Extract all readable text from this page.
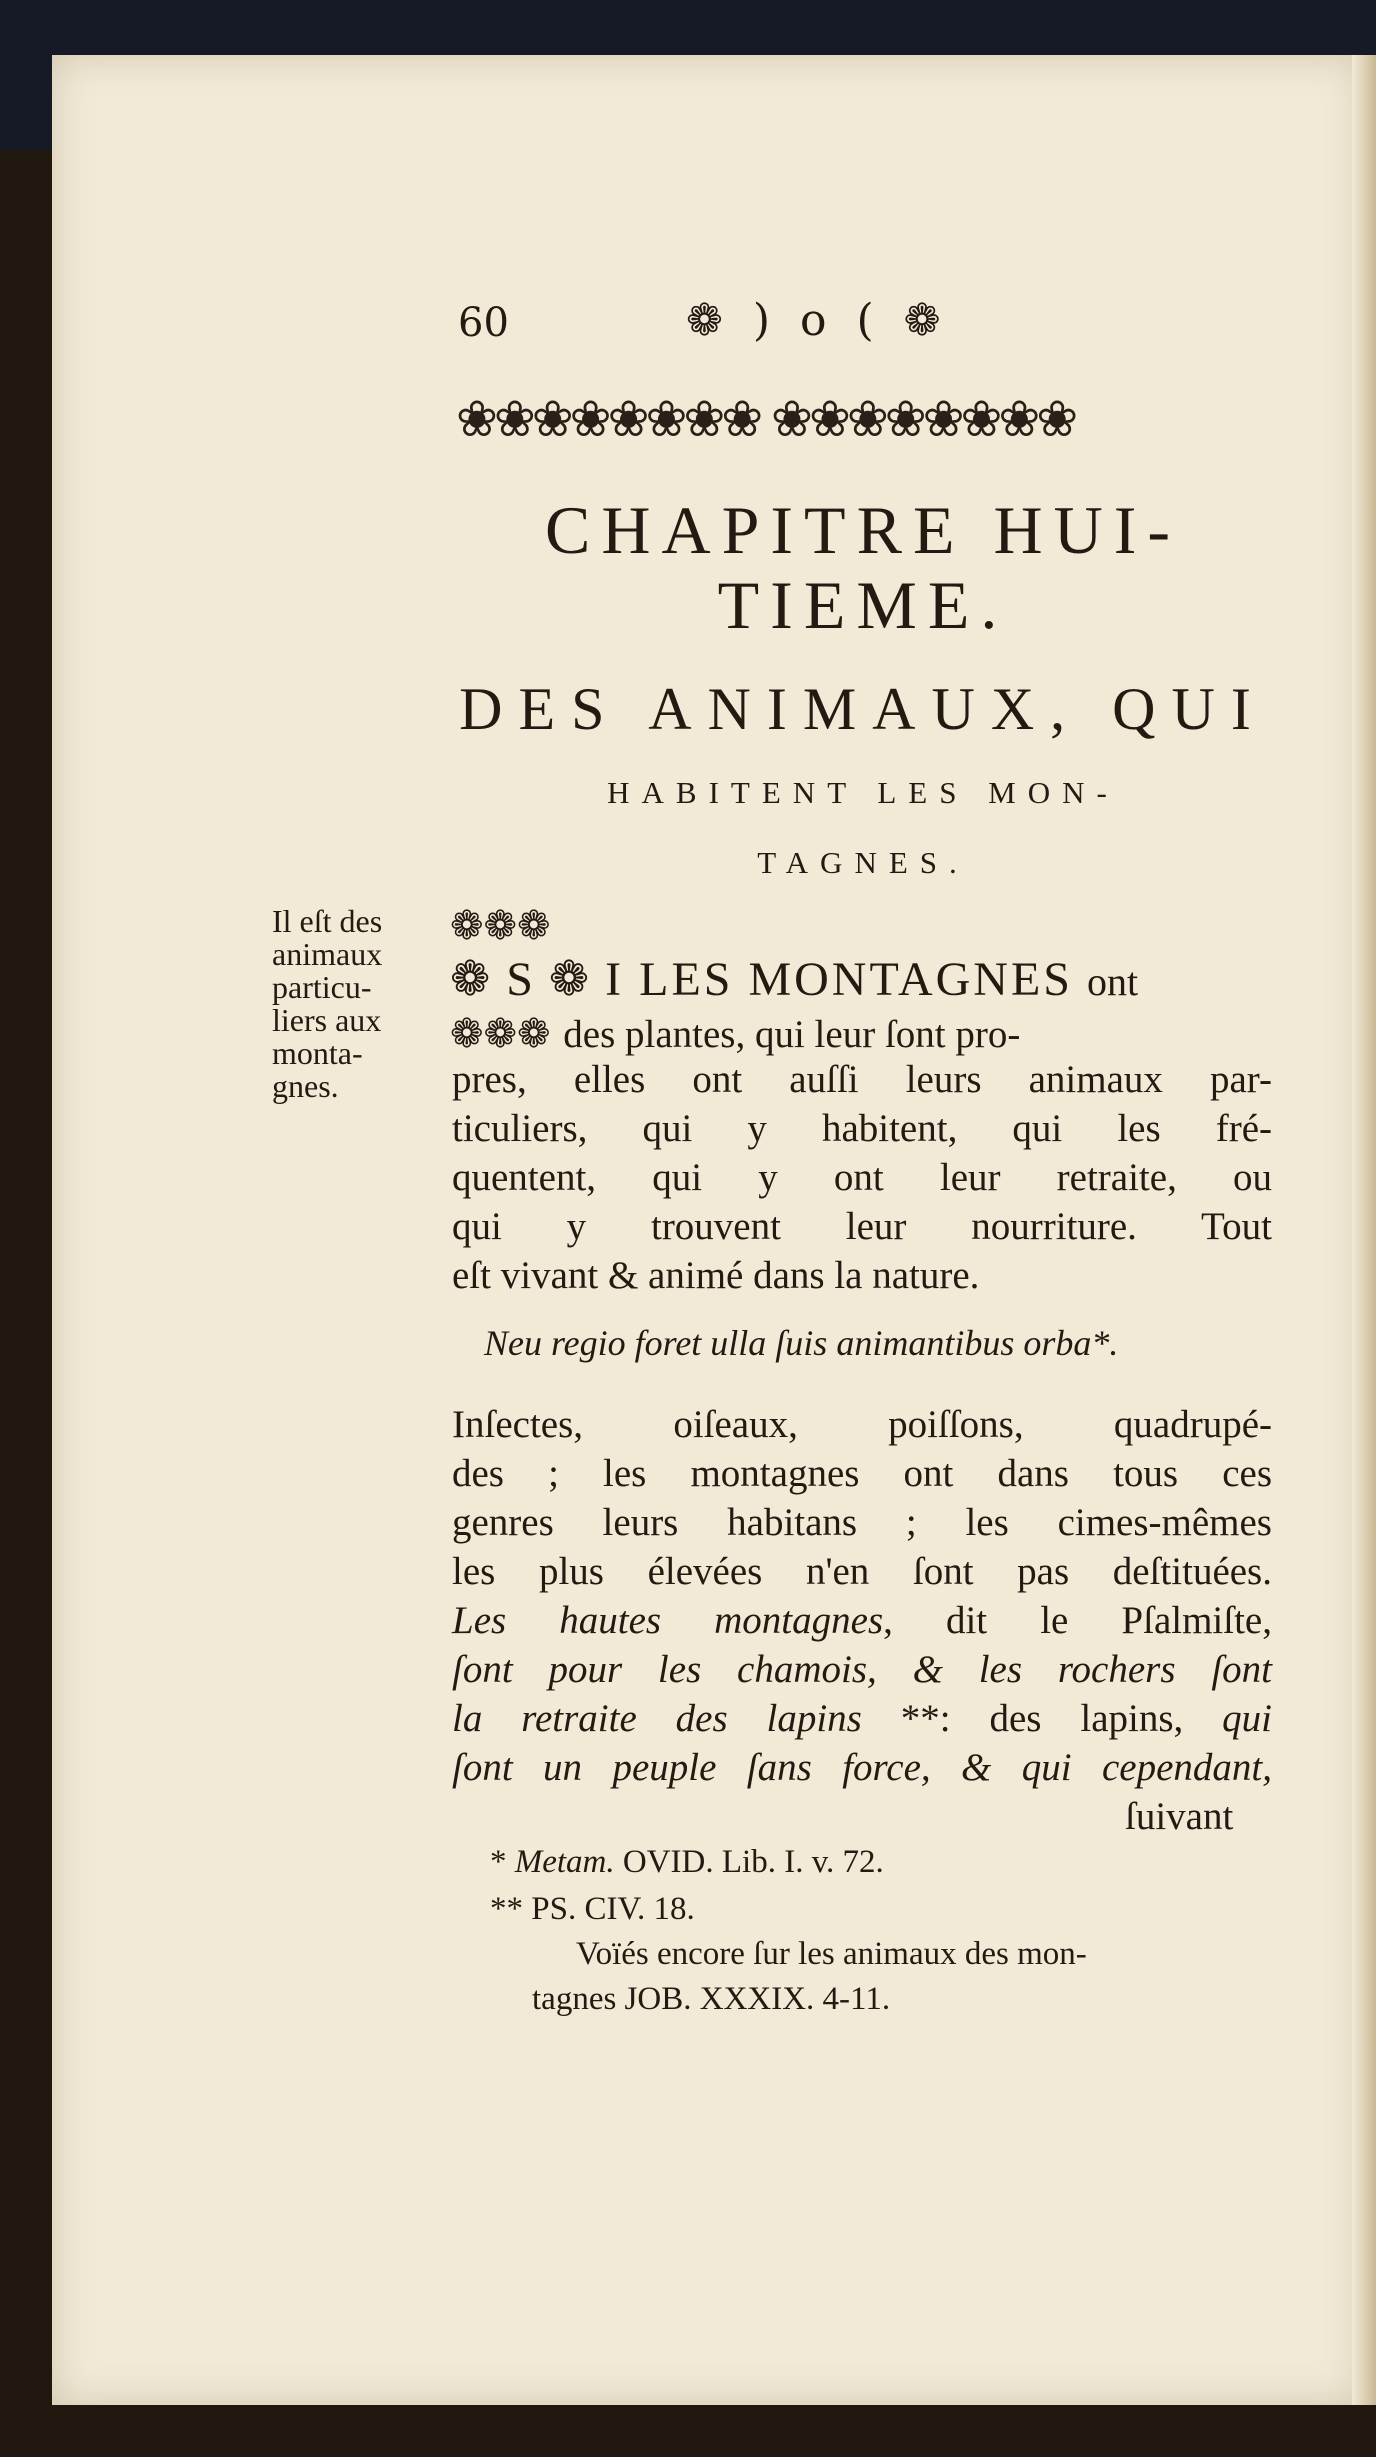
60	❁ ) o ( ❁
❀❀❀❀❀❀❀❀ ❀❀❀❀❀❀❀❀
CHAPITRE HUI-
TIEME.
DES ANIMAUX, QUI
HABITENT LES MON-
TAGNES.
Il eſt des
animaux
particu-
liers aux
monta-
gnes.
❁❁❁
❁ S ❁ I LES MONTAGNES ont
❁❁❁ des plantes, qui leur ſont pro-
pres, elles ont auſſi leurs animaux par-
ticuliers, qui y habitent, qui les fré-
quentent, qui y ont leur retraite, ou
qui y trouvent leur nourriture. Tout
eſt vivant & animé dans la nature.
Neu regio foret ulla ſuis animantibus orba*.
Inſectes, oiſeaux, poiſſons, quadrupé-
des ; les montagnes ont dans tous ces
genres leurs habitans ; les cimes-mêmes
les plus élevées n'en ſont pas deſtituées.
Les hautes montagnes, dit le Pſalmiſte,
ſont pour les chamois, & les rochers ſont
la retraite des lapins **: des lapins, qui
ſont un peuple ſans force, & qui cependant,
ſuivant
* Metam. OVID. Lib. I. v. 72.
** PS. CIV. 18.
Voïés encore ſur les animaux des mon-
tagnes JOB. XXXIX. 4-11.
